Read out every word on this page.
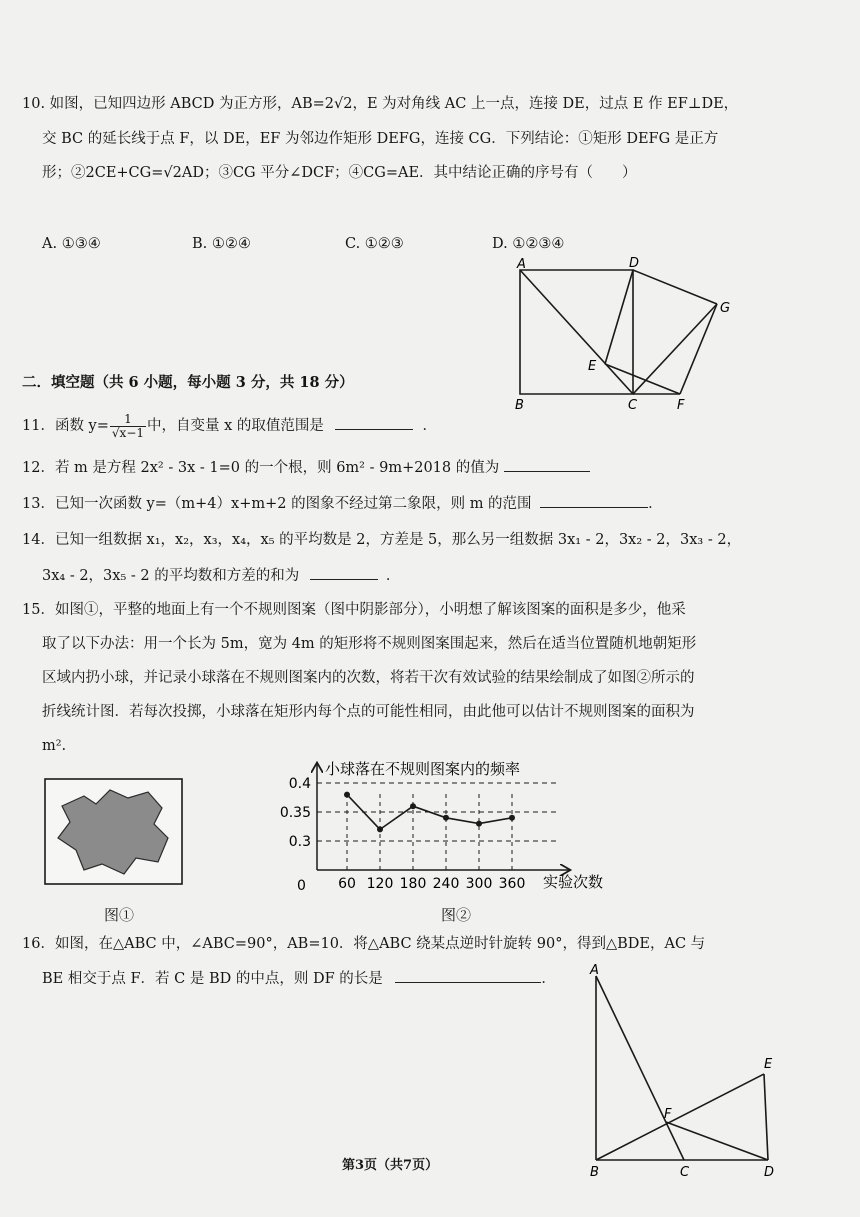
10. 如图，已知四边形 ABCD 为正方形，AB=2√2，E 为对角线 AC 上一点，连接 DE，过点 E 作 EF⊥DE，
交 BC 的延长线于点 F，以 DE，EF 为邻边作矩形 DEFG，连接 CG．下列结论：①矩形 DEFG 是正方
形；②2CE+CG=√2AD；③CG 平分∠DCF；④CG=AE．其中结论正确的序号有（　　）
A. ①③④	B. ①②④	C. ①②③	D. ①②③④
A	D
G
E
B	C	F
二．填空题（共 6 小题，每小题 3 分，共 18 分）
11．函数 $y= \frac{1}{√x-1}$ 中，自变量 x 的取值范围是	．
12．若 m 是方程 2x² - 3x - 1=0 的一个根，则 6m² - 9m+2018 的值为
13．已知一次函数 y=（m+4）x+m+2 的图象不经过第二象限，则 m 的范围	．
14．已知一组数据 x₁，x₂，x₃，x₄，x₅ 的平均数是 2，方差是 5，那么另一组数据 3x₁ - 2，3x₂ - 2，3x₃ - 2，
3x₄ - 2，3x₅ - 2 的平均数和方差的和为	．
15．如图①，平整的地面上有一个不规则图案（图中阴影部分），小明想了解该图案的面积是多少，他采
取了以下办法：用一个长为 5m，宽为 4m 的矩形将不规则图案围起来，然后在适当位置随机地朝矩形
区域内扔小球，并记录小球落在不规则图案内的次数，将若干次有效试验的结果绘制成了如图②所示的
折线统计图．若每次投掷，小球落在矩形内每个点的可能性相同，由此他可以估计不规则图案的面积为
m².
图①
小球落在不规则图案内的频率
实验次数
0
0.4
0.35
0.3
60 120 180 240 300 360
图②
16．如图，在△ABC 中，∠ABC=90°，AB=10．将△ABC 绕某点逆时针旋转 90°，得到△BDE，AC 与
BE 相交于点 F．若 C 是 BD 的中点，则 DF 的长是	．
A
E
F
B	C	D
第3页（共7页）
